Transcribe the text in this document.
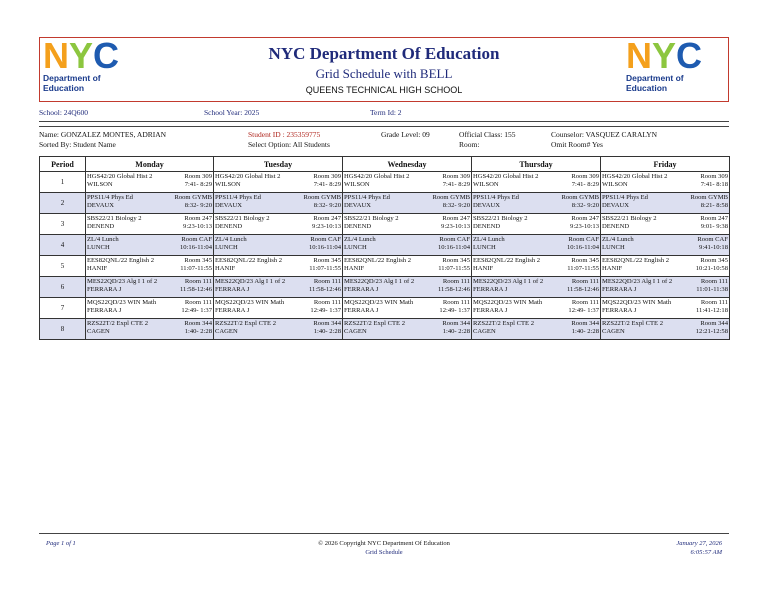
N Y C
Department of
Education
NYC Department Of Education
Grid Schedule with BELL
QUEENS TECHNICAL HIGH SCHOOL
N Y C
Department of
Education
School: 24Q600	School Year: 2025	Term Id: 2
Name: GONZALEZ MONTES, ADRIAN
Sorted By: Student Name
Student ID : 235359775
Select Option: All Students
Grade Level: 09	Official Class: 155
Room:
Counselor: VASQUEZ CARALYN
Omit Room# Yes
Period	Monday	Tuesday	Wednesday	Thursday	Friday
1	HGS42/20 Global Hist 2 Room 309
WILSON 7:41- 8:29	HGS42/20 Global Hist 2 Room 309
WILSON 7:41- 8:29	HGS42/20 Global Hist 2 Room 309
WILSON 7:41- 8:29	HGS42/20 Global Hist 2 Room 309
WILSON 7:41- 8:29	HGS42/20 Global Hist 2 Room 309
WILSON 7:41- 8:18

2	PPS11/4 Phys Ed Room GYMB
DEVAUX 8:32- 9:20	PPS11/4 Phys Ed Room GYMB
DEVAUX 8:32- 9:20	PPS11/4 Phys Ed Room GYMB
DEVAUX 8:32- 9:20	PPS11/4 Phys Ed Room GYMB
DEVAUX 8:32- 9:20	PPS11/4 Phys Ed Room GYMB
DEVAUX 8:21- 8:58

3	SBS22/21 Biology 2 Room 247
DENEND 9:23-10:13	SBS22/21 Biology 2 Room 247
DENEND 9:23-10:13	SBS22/21 Biology 2 Room 247
DENEND 9:23-10:13	SBS22/21 Biology 2 Room 247
DENEND 9:23-10:13	SBS22/21 Biology 2 Room 247
DENEND 9:01- 9:38

4	ZL/4 Lunch Room CAF
LUNCH 10:16-11:04	ZL/4 Lunch Room CAF
LUNCH 10:16-11:04	ZL/4 Lunch Room CAF
LUNCH 10:16-11:04	ZL/4 Lunch Room CAF
LUNCH 10:16-11:04	ZL/4 Lunch Room CAF
LUNCH 9:41-10:18

5	EES82QNL/22 English 2 Room 345
HANIF 11:07-11:55	EES82QNL/22 English 2 Room 345
HANIF 11:07-11:55	EES82QNL/22 English 2 Room 345
HANIF 11:07-11:55	EES82QNL/22 English 2 Room 345
HANIF 11:07-11:55	EES82QNL/22 English 2 Room 345
HANIF 10:21-10:58

6	MES22QD/23 Alg I 1 of 2 Room 111
FERRARA J 11:58-12:46	MES22QD/23 Alg I 1 of 2 Room 111
FERRARA J 11:58-12:46	MES22QD/23 Alg I 1 of 2 Room 111
FERRARA J 11:58-12:46	MES22QD/23 Alg I 1 of 2 Room 111
FERRARA J 11:58-12:46	MES22QD/23 Alg I 1 of 2 Room 111
FERRARA J 11:01-11:38

7	MQS22QD/23 WIN Math Room 111
FERRARA J 12:49- 1:37	MQS22QD/23 WIN Math Room 111
FERRARA J 12:49- 1:37	MQS22QD/23 WIN Math Room 111
FERRARA J 12:49- 1:37	MQS22QD/23 WIN Math Room 111
FERRARA J 12:49- 1:37	MQS22QD/23 WIN Math Room 111
FERRARA J 11:41-12:18

8	RZS22T/2 Expl CTE 2 Room 344
CAGEN 1:40- 2:28	RZS22T/2 Expl CTE 2 Room 344
CAGEN 1:40- 2:28	RZS22T/2 Expl CTE 2 Room 344
CAGEN 1:40- 2:28	RZS22T/2 Expl CTE 2 Room 344
CAGEN 1:40- 2:28	RZS22T/2 Expl CTE 2 Room 344
CAGEN 12:21-12:58
Page 1 of 1	© 2026 Copyright NYC Department Of Education
Grid Schedule
January 27, 2026
6:05:57 AM
